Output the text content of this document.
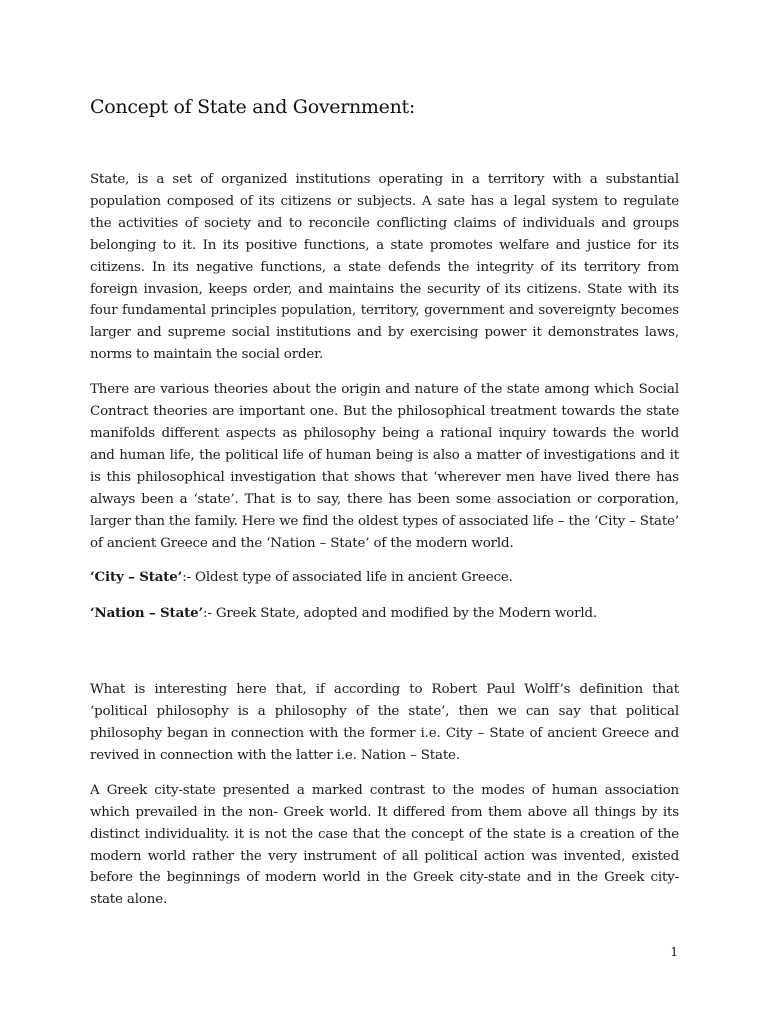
Concept of State and Government:

State, is a set of organized institutions operating in a territory with a substantial population composed of its citizens or subjects. A sate has a legal system to regulate the activities of society and to reconcile conflicting claims of individuals and groups belonging to it. In its positive functions, a state promotes welfare and justice for its citizens. In its negative functions, a state defends the integrity of its territory from foreign invasion, keeps order, and maintains the security of its citizens. State with its four fundamental principles population, territory, government and sovereignty becomes larger and supreme social institutions and by exercising power it demonstrates laws, norms to maintain the social order.

There are various theories about the origin and nature of the state among which Social Contract theories are important one. But the philosophical treatment towards the state manifolds different aspects as philosophy being a rational inquiry towards the world and human life, the political life of human being is also a matter of investigations and it is this philosophical investigation that shows that ‘wherever men have lived there has always been a ‘state’. That is to say, there has been some association or corporation, larger than the family. Here we find the oldest types of associated life – the ‘City – State’ of ancient Greece and the ‘Nation – State’ of the modern world.

‘City – State’:- Oldest type of associated life in ancient Greece.

‘Nation – State’:- Greek State, adopted and modified by the Modern world.

What is interesting here that, if according to Robert Paul Wolff’s definition that ‘political philosophy is a philosophy of the state’, then we can say that political philosophy began in connection with the former i.e. City – State of ancient Greece and revived in connection with the latter i.e. Nation – State.

A Greek city-state presented a marked contrast to the modes of human association which prevailed in the non- Greek world. It differed from them above all things by its distinct individuality. it is not the case that the concept of the state is a creation of the modern world rather the very instrument of all political action was invented, existed before the beginnings of modern world in the Greek city-state and in the Greek city-state alone.

1
